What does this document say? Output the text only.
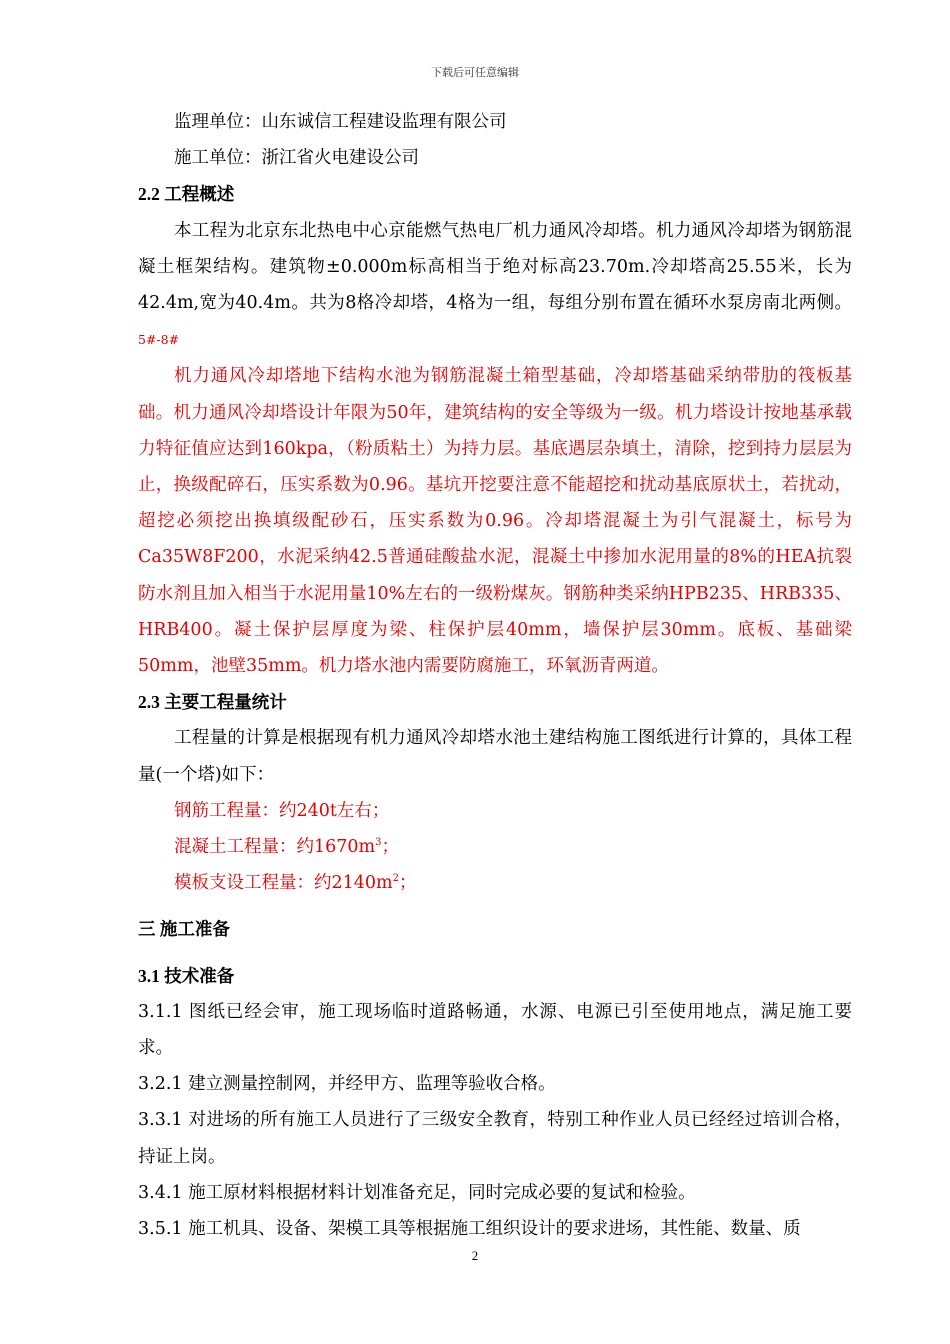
下载后可任意编辑

监理单位：山东诚信工程建设监理有限公司

施工单位：浙江省火电建设公司

2.2 工程概述

本工程为北京东北热电中心京能燃气热电厂机力通风冷却塔。机力通风冷却塔为钢筋混凝土框架结构。建筑物±0.000m标高相当于绝对标高23.70m.冷却塔高25.55米，长为42.4m,宽为40.4m。共为8格冷却塔，4格为一组，每组分别布置在循环水泵房南北两侧。5#-8#

机力通风冷却塔地下结构水池为钢筋混凝土箱型基础，冷却塔基础采纳带肋的筏板基础。机力通风冷却塔设计年限为50年，建筑结构的安全等级为一级。机力塔设计按地基承载力特征值应达到160kpa，（粉质粘土）为持力层。基底遇层杂填土，清除，挖到持力层层为止，换级配碎石，压实系数为0.96。基坑开挖要注意不能超挖和扰动基底原状土，若扰动，超挖必须挖出换填级配砂石，压实系数为0.96。冷却塔混凝土为引气混凝土，标号为Ca35W8F200，水泥采纳42.5普通硅酸盐水泥，混凝土中掺加水泥用量的8%的HEA抗裂防水剂且加入相当于水泥用量10%左右的一级粉煤灰。钢筋种类采纳HPB235、HRB335、HRB400。凝土保护层厚度为梁、柱保护层40mm，墙保护层30mm。底板、基础梁50mm，池壁35mm。机力塔水池内需要防腐施工，环氧沥青两道。

2.3 主要工程量统计

工程量的计算是根据现有机力通风冷却塔水池土建结构施工图纸进行计算的，具体工程量(一个塔)如下：

钢筋工程量：约240t左右；

混凝土工程量：约$1670m^3$；

模板支设工程量：约$2140m^2$；

三 施工准备

3.1 技术准备

3.1.1 图纸已经会审，施工现场临时道路畅通，水源、电源已引至使用地点，满足施工要求。

3.2.1 建立测量控制网，并经甲方、监理等验收合格。

3.3.1 对进场的所有施工人员进行了三级安全教育，特别工种作业人员已经经过培训合格，持证上岗。

3.4.1 施工原材料根据材料计划准备充足，同时完成必要的复试和检验。

3.5.1 施工机具、设备、架模工具等根据施工组织设计的要求进场，其性能、数量、质

2
